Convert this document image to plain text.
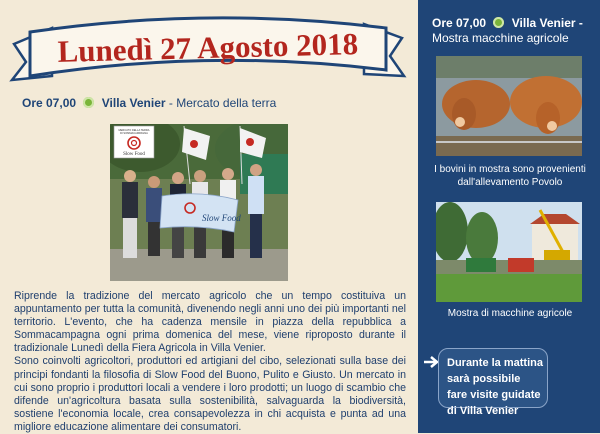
Lunedì 27 Agosto 2018
Ore 07,00 Villa Venier - Mercato della terra
MERCATO DELLA TERRA
DI SOMMACAMPAGNA
Slow Food
Slow Food

Riprende la tradizione del mercato agricolo che un tempo costituiva un appuntamento per tutta la comunità, divenendo negli anni uno dei più importanti nel territorio. L'evento, che ha cadenza mensile in piazza della repubblica a Sommacampagna ogni prima domenica del mese, viene riproposto durante il tradizionale Lunedì della Fiera Agricola in Villa Venier.

Sono coinvolti agricoltori, produttori ed artigiani del cibo, selezionati sulla base dei principi fondanti la filosofia di Slow Food del Buono, Pulito e Giusto. Un mercato in cui sono proprio i produttori locali a vendere i loro prodotti; un luogo di scambio che difende un'agricoltura basata sulla sostenibilità, salvaguarda la biodiversità, sostiene l'economia locale, crea consapevolezza in chi acquista e punta ad una migliore educazione alimentare dei consumatori.

Ore 07,00 Villa Venier -
Mostra macchine agricole
I bovini in mostra sono provenienti dall'allevamento Povolo
Mostra di macchine agricole
Durante la mattina sarà possibile fare visite guidate di Villa Venier
